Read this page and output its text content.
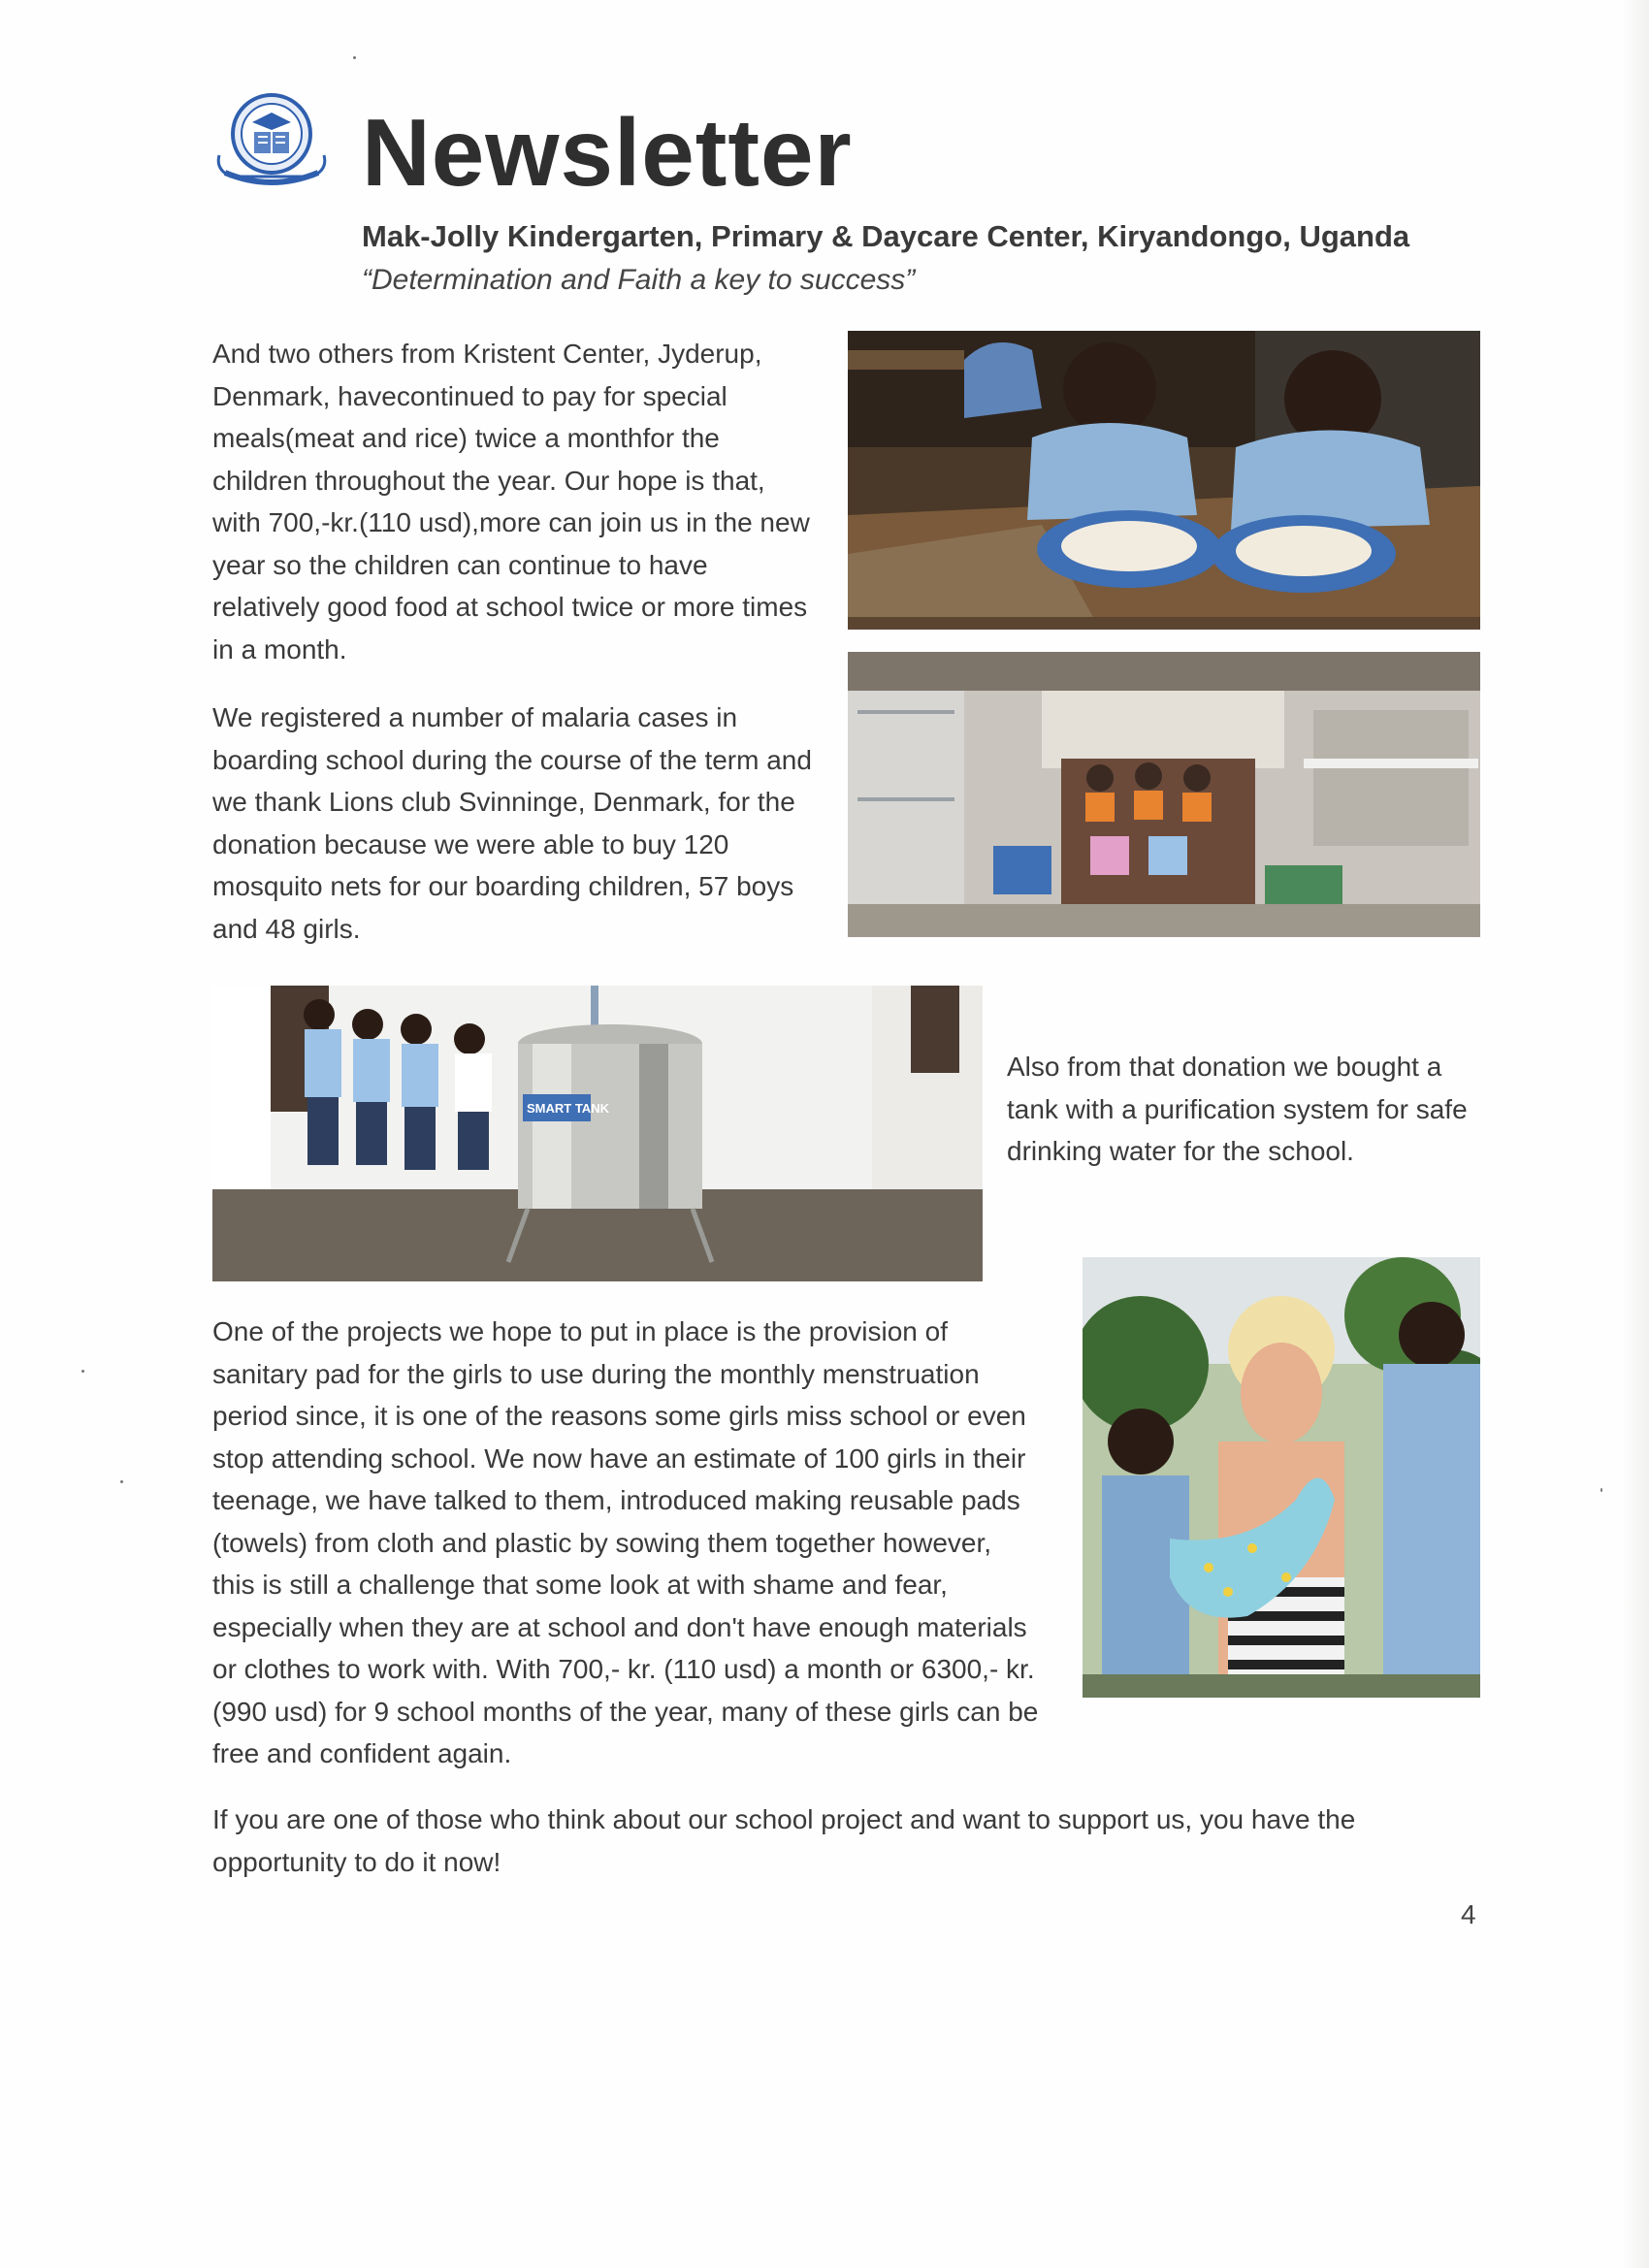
Newsletter

Mak-Jolly Kindergarten, Primary & Daycare Center, Kiryandongo, Uganda

“Determination and Faith a key to success”

And two others from Kristent Center, Jyderup,
Denmark, havecontinued to pay for special
meals(meat and rice) twice a monthfor the
children throughout the year. Our hope is that,
with 700,-kr.(110 usd),more can join us in the new
year so the children can continue to have
relatively good food at school twice or more times
in a month.

We registered a number of malaria cases in
boarding school during the course of the term and
we thank Lions club Svinninge, Denmark, for the
donation because we were able to buy 120
mosquito nets for our boarding children, 57 boys
and 48 girls.

SMART TANK

Also from that donation we bought a
tank with a purification system for safe
drinking water for the school.

One of the projects we hope to put in place is the provision of
sanitary pad for the girls to use during the monthly menstruation
period since, it is one of the reasons some girls miss school or even
stop attending school. We now have an estimate of 100 girls in their
teenage, we have talked to them, introduced making reusable pads
(towels) from cloth and plastic by sowing them together however,
this is still a challenge that some look at with shame and fear,
especially when they are at school and don't have enough materials
or clothes to work with. With 700,- kr. (110 usd) a month or 6300,- kr.
(990 usd) for 9 school months of the year, many of these girls can be
free and confident again.

If you are one of those who think about our school project and want to support us, you have the
opportunity to do it now!

4
